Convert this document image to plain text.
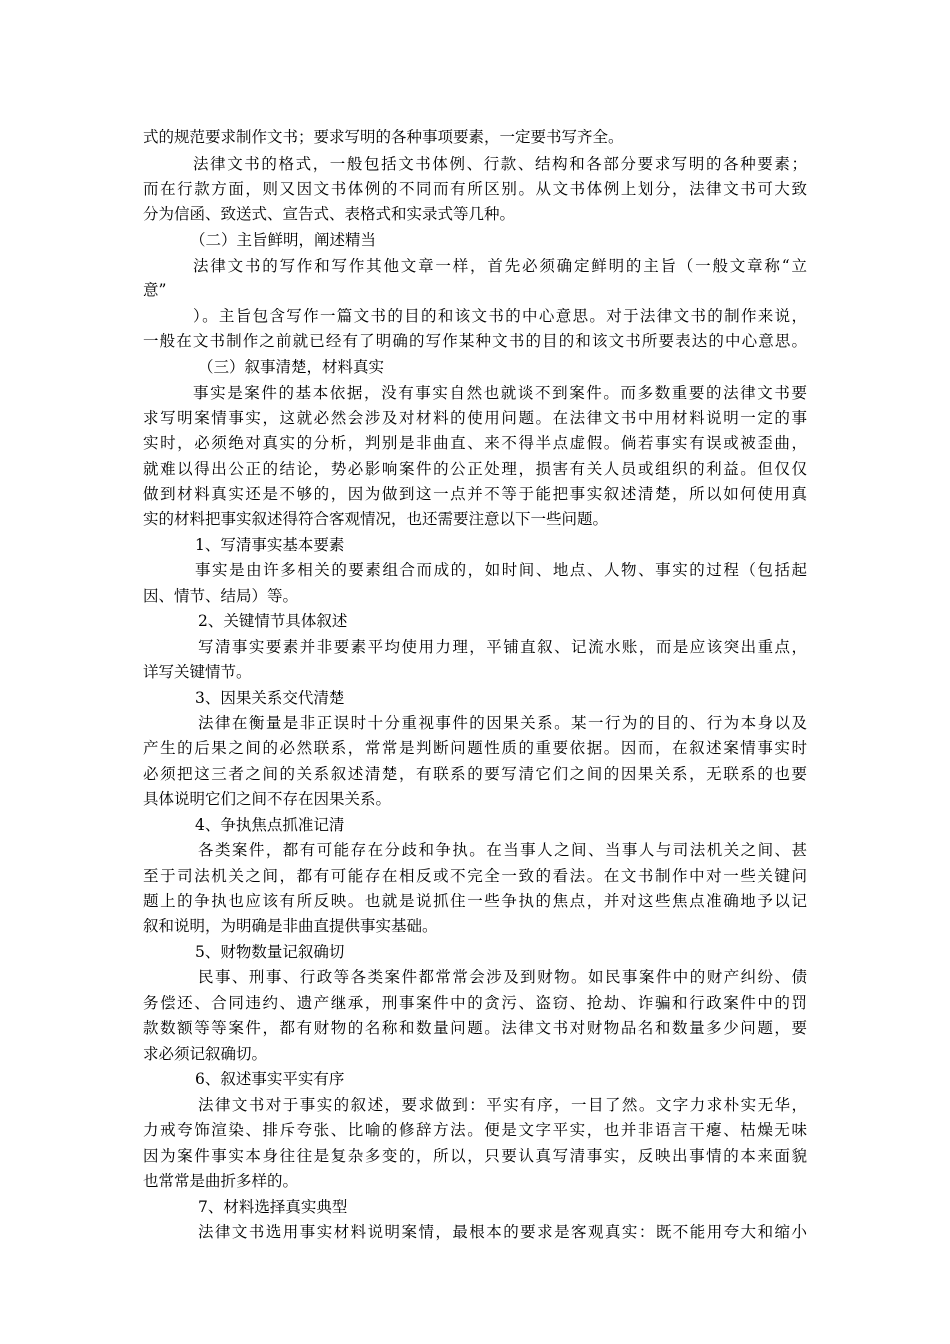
式的规范要求制作文书；要求写明的各种事项要素，一定要书写齐全。

法律文书的格式，一般包括文书体例、行款、结构和各部分要求写明的各种要素；

而在行款方面，则又因文书体例的不同而有所区别。从文书体例上划分，法律文书可大致

分为信函、致送式、宣告式、表格式和实录式等几种。

（二）主旨鲜明，阐述精当

法律文书的写作和写作其他文章一样，首先必须确定鲜明的主旨（一般文章称“立

意”

）。主旨包含写作一篇文书的目的和该文书的中心意思。对于法律文书的制作来说，

一般在文书制作之前就已经有了明确的写作某种文书的目的和该文书所要表达的中心意思。

（三）叙事清楚，材料真实

事实是案件的基本依据，没有事实自然也就谈不到案件。而多数重要的法律文书要

求写明案情事实，这就必然会涉及对材料的使用问题。在法律文书中用材料说明一定的事

实时，必须绝对真实的分析，判别是非曲直、来不得半点虚假。倘若事实有误或被歪曲，

就难以得出公正的结论，势必影响案件的公正处理，损害有关人员或组织的利益。但仅仅

做到材料真实还是不够的，因为做到这一点并不等于能把事实叙述清楚，所以如何使用真

实的材料把事实叙述得符合客观情况，也还需要注意以下一些问题。

1、写清事实基本要素

事实是由许多相关的要素组合而成的，如时间、地点、人物、事实的过程（包括起

因、情节、结局）等。

2、关键情节具体叙述

写清事实要素并非要素平均使用力理，平铺直叙、记流水账，而是应该突出重点，

详写关键情节。

3、因果关系交代清楚

法律在衡量是非正误时十分重视事件的因果关系。某一行为的目的、行为本身以及

产生的后果之间的必然联系，常常是判断问题性质的重要依据。因而，在叙述案情事实时

必须把这三者之间的关系叙述清楚，有联系的要写清它们之间的因果关系，无联系的也要

具体说明它们之间不存在因果关系。

4、争执焦点抓准记清

各类案件，都有可能存在分歧和争执。在当事人之间、当事人与司法机关之间、甚

至于司法机关之间，都有可能存在相反或不完全一致的看法。在文书制作中对一些关键问

题上的争执也应该有所反映。也就是说抓住一些争执的焦点，并对这些焦点准确地予以记

叙和说明，为明确是非曲直提供事实基础。

5、财物数量记叙确切

民事、刑事、行政等各类案件都常常会涉及到财物。如民事案件中的财产纠纷、债

务偿还、合同违约、遗产继承，刑事案件中的贪污、盗窃、抢劫、诈骗和行政案件中的罚

款数额等等案件，都有财物的名称和数量问题。法律文书对财物品名和数量多少问题，要

求必须记叙确切。

6、叙述事实平实有序

法律文书对于事实的叙述，要求做到：平实有序，一目了然。文字力求朴实无华，

力戒夸饰渲染、排斥夸张、比喻的修辞方法。便是文字平实，也并非语言干瘪、枯燥无味

因为案件事实本身往往是复杂多变的，所以，只要认真写清事实，反映出事情的本来面貌

也常常是曲折多样的。

7、材料选择真实典型

法律文书选用事实材料说明案情，最根本的要求是客观真实：既不能用夸大和缩小
